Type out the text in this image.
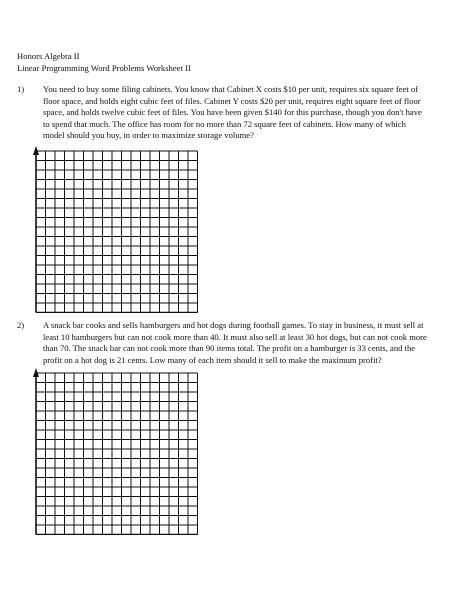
Honors Algebra II
Linear Programming Word Problems Worksheet II
1) You need to buy some filing cabinets. You know that Cabinet X costs $10 per unit, requires six square feet of
floor space, and holds eight cubic feet of files. Cabinet Y costs $20 per unit, requires eight square feet of floor
space, and holds twelve cubic feet of files. You have been given $140 for this purchase, though you don't have
to spend that much. The office has room for no more than 72 square feet of cabinets. How many of which
model should you buy, in order to maximize storage volume?
2) A snack bar cooks and sells hamburgers and hot dogs during football games. To stay in business, it must sell at
least 10 hamburgers but can not cook more than 40. It must also sell at least 30 hot dogs, but can not cook more
than 70. The snack bar can not cook more than 90 items total. The profit on a hamburger is 33 cents, and the
profit on a hot dog is 21 cents. Low many of each item should it sell to make the maximum profit?
